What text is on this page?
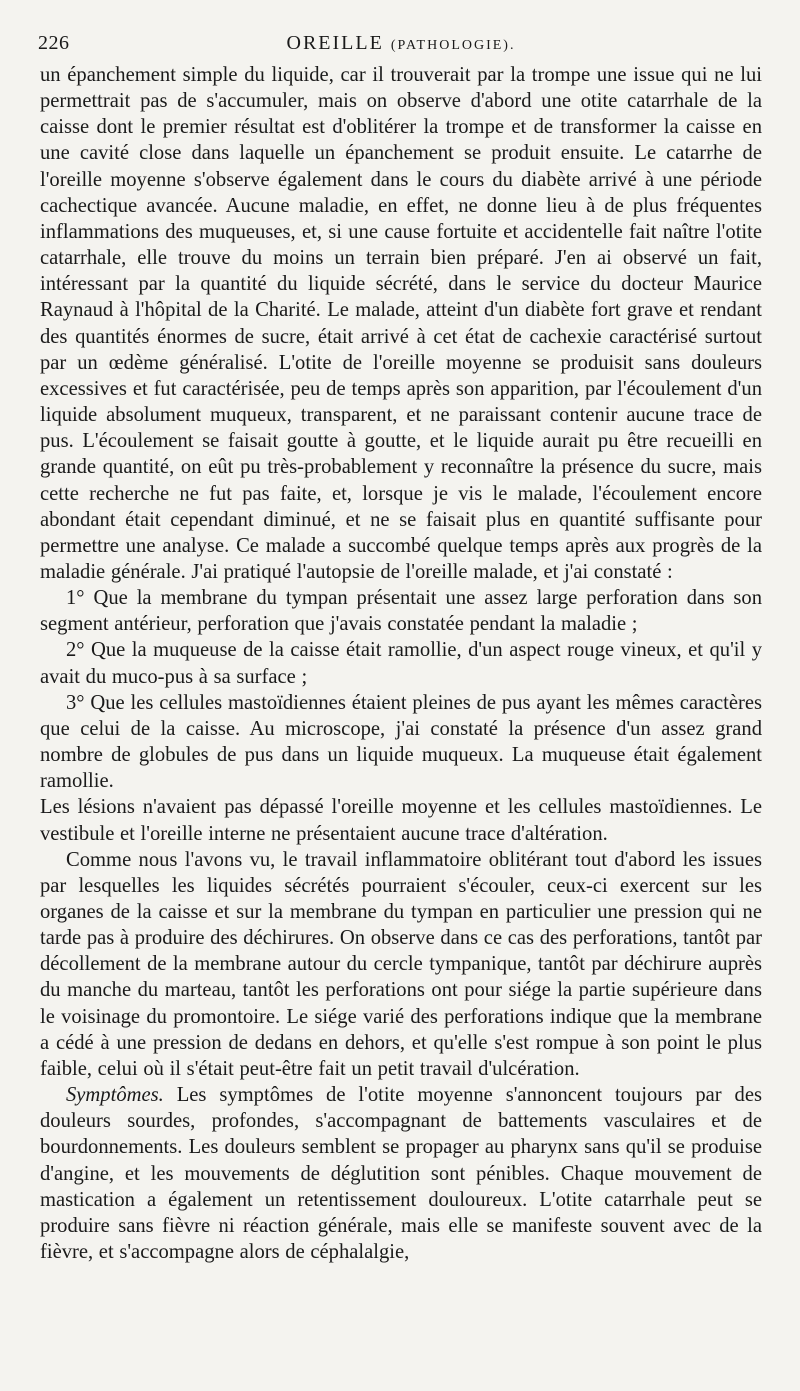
226	OREILLE (PATHOLOGIE).

un épanchement simple du liquide, car il trouverait par la trompe une issue qui ne lui permettrait pas de s'accumuler, mais on observe d'abord une otite catarrhale de la caisse dont le premier résultat est d'oblitérer la trompe et de transformer la caisse en une cavité close dans laquelle un épanchement se produit ensuite. Le catarrhe de l'oreille moyenne s'observe également dans le cours du diabète arrivé à une période cachectique avancée. Aucune maladie, en effet, ne donne lieu à de plus fréquentes inflammations des muqueuses, et, si une cause fortuite et accidentelle fait naître l'otite catarrhale, elle trouve du moins un terrain bien préparé. J'en ai observé un fait, intéressant par la quantité du liquide sécrété, dans le service du docteur Maurice Raynaud à l'hôpital de la Charité. Le malade, atteint d'un diabète fort grave et rendant des quantités énormes de sucre, était arrivé à cet état de cachexie caractérisé surtout par un œdème généralisé. L'otite de l'oreille moyenne se produisit sans douleurs excessives et fut caractérisée, peu de temps après son apparition, par l'écoulement d'un liquide absolument muqueux, transparent, et ne paraissant contenir aucune trace de pus. L'écoulement se faisait goutte à goutte, et le liquide aurait pu être recueilli en grande quantité, on eût pu très-probablement y reconnaître la présence du sucre, mais cette recherche ne fut pas faite, et, lorsque je vis le malade, l'écoulement encore abondant était cependant diminué, et ne se faisait plus en quantité suffisante pour permettre une analyse. Ce malade a succombé quelque temps après aux progrès de la maladie générale. J'ai pratiqué l'autopsie de l'oreille malade, et j'ai constaté :

1° Que la membrane du tympan présentait une assez large perforation dans son segment antérieur, perforation que j'avais constatée pendant la maladie ;

2° Que la muqueuse de la caisse était ramollie, d'un aspect rouge vineux, et qu'il y avait du muco-pus à sa surface ;

3° Que les cellules mastoïdiennes étaient pleines de pus ayant les mêmes caractères que celui de la caisse. Au microscope, j'ai constaté la présence d'un assez grand nombre de globules de pus dans un liquide muqueux. La muqueuse était également ramollie.

Les lésions n'avaient pas dépassé l'oreille moyenne et les cellules mastoïdiennes. Le vestibule et l'oreille interne ne présentaient aucune trace d'altération.

Comme nous l'avons vu, le travail inflammatoire oblitérant tout d'abord les issues par lesquelles les liquides sécrétés pourraient s'écouler, ceux-ci exercent sur les organes de la caisse et sur la membrane du tympan en particulier une pression qui ne tarde pas à produire des déchirures. On observe dans ce cas des perforations, tantôt par décollement de la membrane autour du cercle tympanique, tantôt par déchirure auprès du manche du marteau, tantôt les perforations ont pour siége la partie supérieure dans le voisinage du promontoire. Le siége varié des perforations indique que la membrane a cédé à une pression de dedans en dehors, et qu'elle s'est rompue à son point le plus faible, celui où il s'était peut-être fait un petit travail d'ulcération.

Symptômes. Les symptômes de l'otite moyenne s'annoncent toujours par des douleurs sourdes, profondes, s'accompagnant de battements vasculaires et de bourdonnements. Les douleurs semblent se propager au pharynx sans qu'il se produise d'angine, et les mouvements de déglutition sont pénibles. Chaque mouvement de mastication a également un retentissement douloureux. L'otite catarrhale peut se produire sans fièvre ni réaction générale, mais elle se manifeste souvent avec de la fièvre, et s'accompagne alors de céphalalgie,
